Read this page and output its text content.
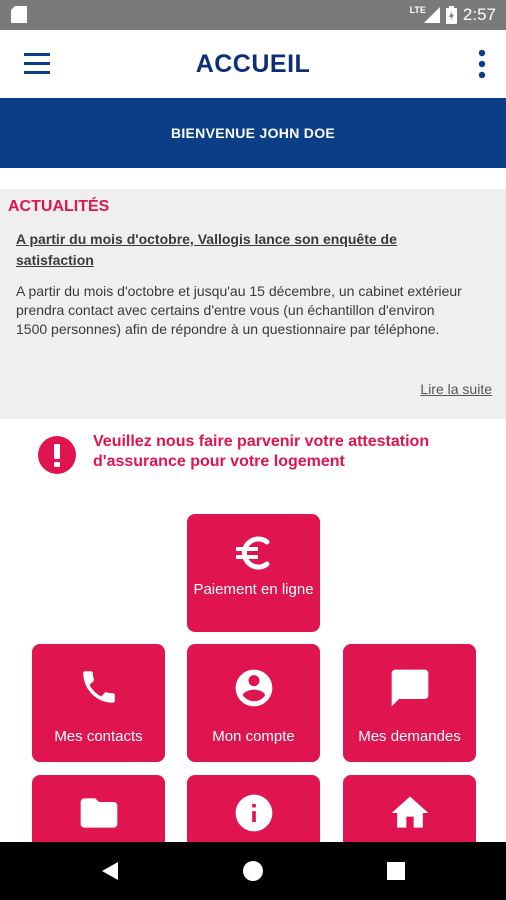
LTE 2:57
ACCUEIL
BIENVENUE JOHN DOE
ACTUALITÉS
A partir du mois d'octobre, Vallogis lance son enquête de satisfaction
A partir du mois d'octobre et jusqu'au 15 décembre, un cabinet extérieur prendra contact avec certains d'entre vous (un échantillon d'environ 1500 personnes) afin de répondre à un questionnaire par téléphone.
Lire la suite
Veuillez nous faire parvenir votre attestation d'assurance pour votre logement
Paiement en ligne
Mes contacts	Mon compte	Mes demandes
